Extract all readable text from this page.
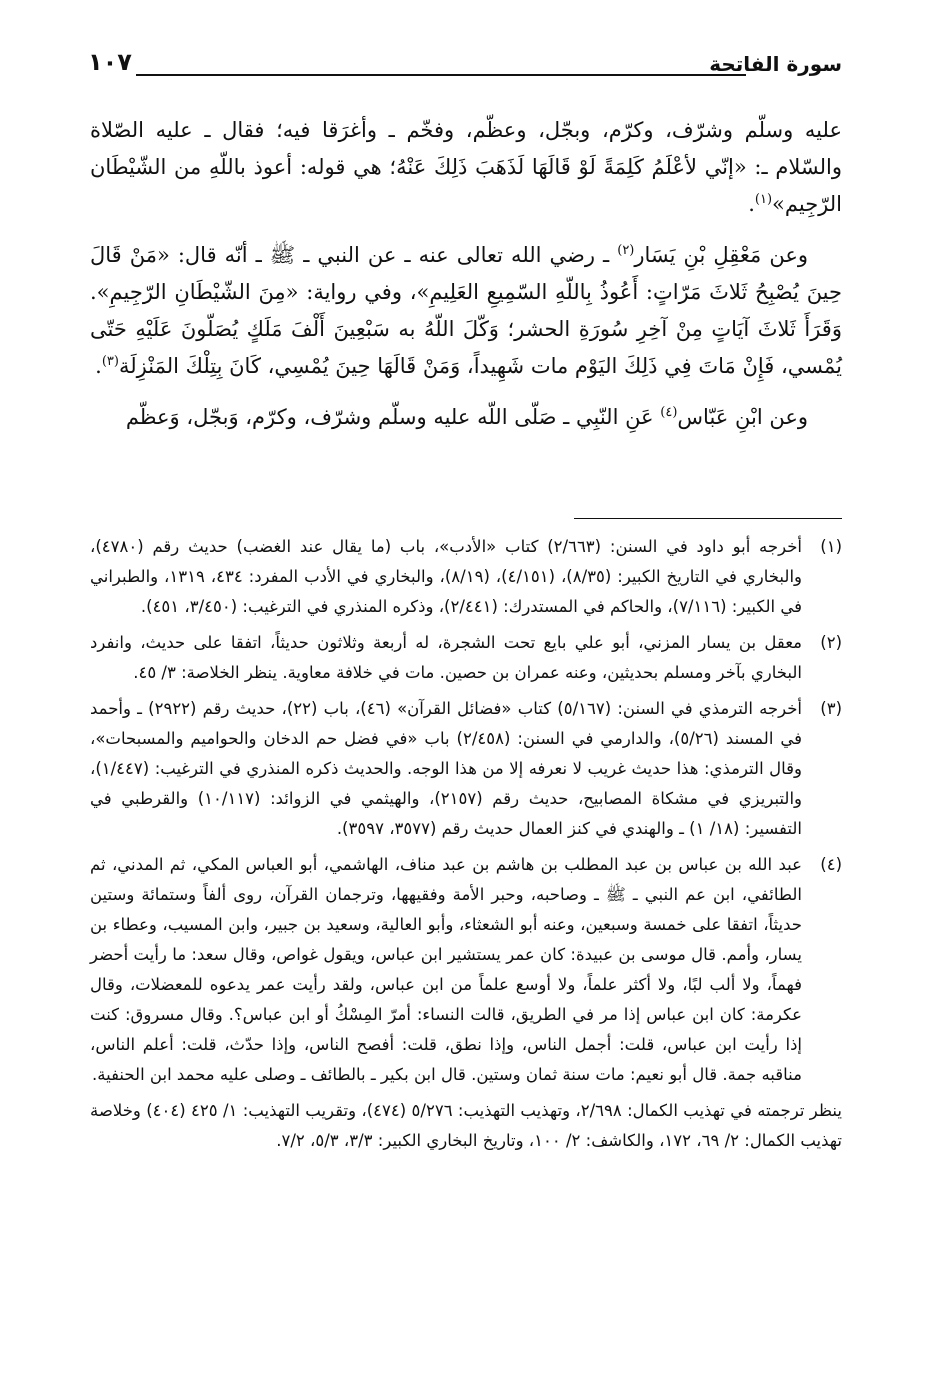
سورة الفاتحة
١٠٧

عليه وسلّم وشرّف، وكرّم، وبجّل، وعظّم، وفخّم ـ وأغرَقا فيه؛ فقال ـ عليه الصّلاة والسّلام ـ: «إنّي لأعْلَمُ كَلِمَةً لَوْ قَالَهَا لَذَهَبَ ذَلِكَ عَنْهُ؛ هي قوله: أعوذ باللّهِ من الشّيْطَان الرّجِيم»$^{(١)}$.

وعن مَعْقِلِ بْنِ يَسَار$^{(٢)}$ ـ رضي الله تعالى عنه ـ عن النبي ـ ﷺ ـ أنّه قال: «مَنْ قَالَ حِينَ يُصْبِحُ ثَلاثَ مَرّاتٍ: أَعُوذُ بِاللّهِ السّمِيعِ العَلِيمِ»، وفي رواية: «مِنَ الشّيْطَانِ الرّجِيمِ». وَقَرَأَ ثَلاثَ آيَاتٍ مِنْ آخِرِ سُورَةِ الحشر؛ وَكّلَ اللّهُ به سَبْعِينَ أَلْفَ مَلَكٍ يُصَلّونَ عَلَيْهِ حَتّى يُمْسي، فَإِنْ مَاتَ فِي ذَلِكَ اليَوْم مات شَهِيداً، وَمَنْ قَالَهَا حِينَ يُمْسِي، كَانَ بِتِلْكَ المَنْزِلَة$^{(٣)}$.

وعن ابْنِ عَبّاس$^{(٤)}$ عَنِ النّبِي ـ صَلّى اللّه عليه وسلّم وشرّف، وكرّم، وَبجّل، وَعظّم

(١)
أخرجه أبو داود في السنن: (٢/٦٦٣) كتاب «الأدب»، باب (ما يقال عند الغضب) حديث رقم (٤٧٨٠)، والبخاري في التاريخ الكبير: (٨/٣٥)، (٤/١٥١)، (٨/١٩)، والبخاري في الأدب المفرد: ٤٣٤، ١٣١٩، والطبراني في الكبير: (٧/١١٦)، والحاكم في المستدرك: (٢/٤٤١)، وذكره المنذري في الترغيب: (٣/٤٥٠، ٤٥١).
(٢)
معقل بن يسار المزني، أبو علي بايع تحت الشجرة، له أربعة وثلاثون حديثاً، اتفقا على حديث، وانفرد البخاري بآخر ومسلم بحديثين، وعنه عمران بن حصين. مات في خلافة معاوية. ينظر الخلاصة: ٣/ ٤٥.
(٣)
أخرجه الترمذي في السنن: (٥/١٦٧) كتاب «فضائل القرآن» (٤٦)، باب (٢٢)، حديث رقم (٢٩٢٢) ـ وأحمد في المسند (٥/٢٦)، والدارمي في السنن: (٢/٤٥٨) باب «في فضل حم الدخان والحواميم والمسبحات»، وقال الترمذي: هذا حديث غريب لا نعرفه إلا من هذا الوجه. والحديث ذكره المنذري في الترغيب: (١/٤٤٧)، والتبريزي في مشكاة المصابيح، حديث رقم (٢١٥٧)، والهيثمي في الزوائد: (١٠/١١٧) والقرطبي في التفسير: (١٨/ ١) ـ والهندي في كنز العمال حديث رقم (٣٥٧٧، ٣٥٩٧).
(٤)
عبد الله بن عباس بن عبد المطلب بن هاشم بن عبد مناف، الهاشمي، أبو العباس المكي، ثم المدني، ثم الطائفي، ابن عم النبي ـ ﷺ ـ وصاحبه، وحبر الأمة وفقيهها، وترجمان القرآن، روى ألفاً وستمائة وستين حديثاً، اتفقا على خمسة وسبعين، وعنه أبو الشعثاء، وأبو العالية، وسعيد بن جبير، وابن المسيب، وعطاء بن يسار، وأمم. قال موسى بن عبيدة: كان عمر يستشير ابن عباس، ويقول غواص، وقال سعد: ما رأيت أحضر فهماً، ولا ألب لبًا، ولا أكثر علماً، ولا أوسع علماً من ابن عباس، ولقد رأيت عمر يدعوه للمعضلات، وقال عكرمة: كان ابن عباس إذا مر في الطريق، قالت النساء: أمرّ المِسْكُ أو ابن عباس؟. وقال مسروق: كنت إذا رأيت ابن عباس، قلت: أجمل الناس، وإذا نطق، قلت: أفصح الناس، وإذا حدّث، قلت: أعلم الناس، مناقبه جمة. قال أبو نعيم: مات سنة ثمان وستين. قال ابن بكير ـ بالطائف ـ وصلى عليه محمد ابن الحنفية.

ينظر ترجمته في تهذيب الكمال: ٢/٦٩٨، وتهذيب التهذيب: ٥/٢٧٦ (٤٧٤)، وتقريب التهذيب: ١/ ٤٢٥ (٤٠٤) وخلاصة تهذيب الكمال: ٢/ ٦٩، ١٧٢، والكاشف: ٢/ ١٠٠، وتاريخ البخاري الكبير: ٣/٣، ٥/٣، ٧/٢.
